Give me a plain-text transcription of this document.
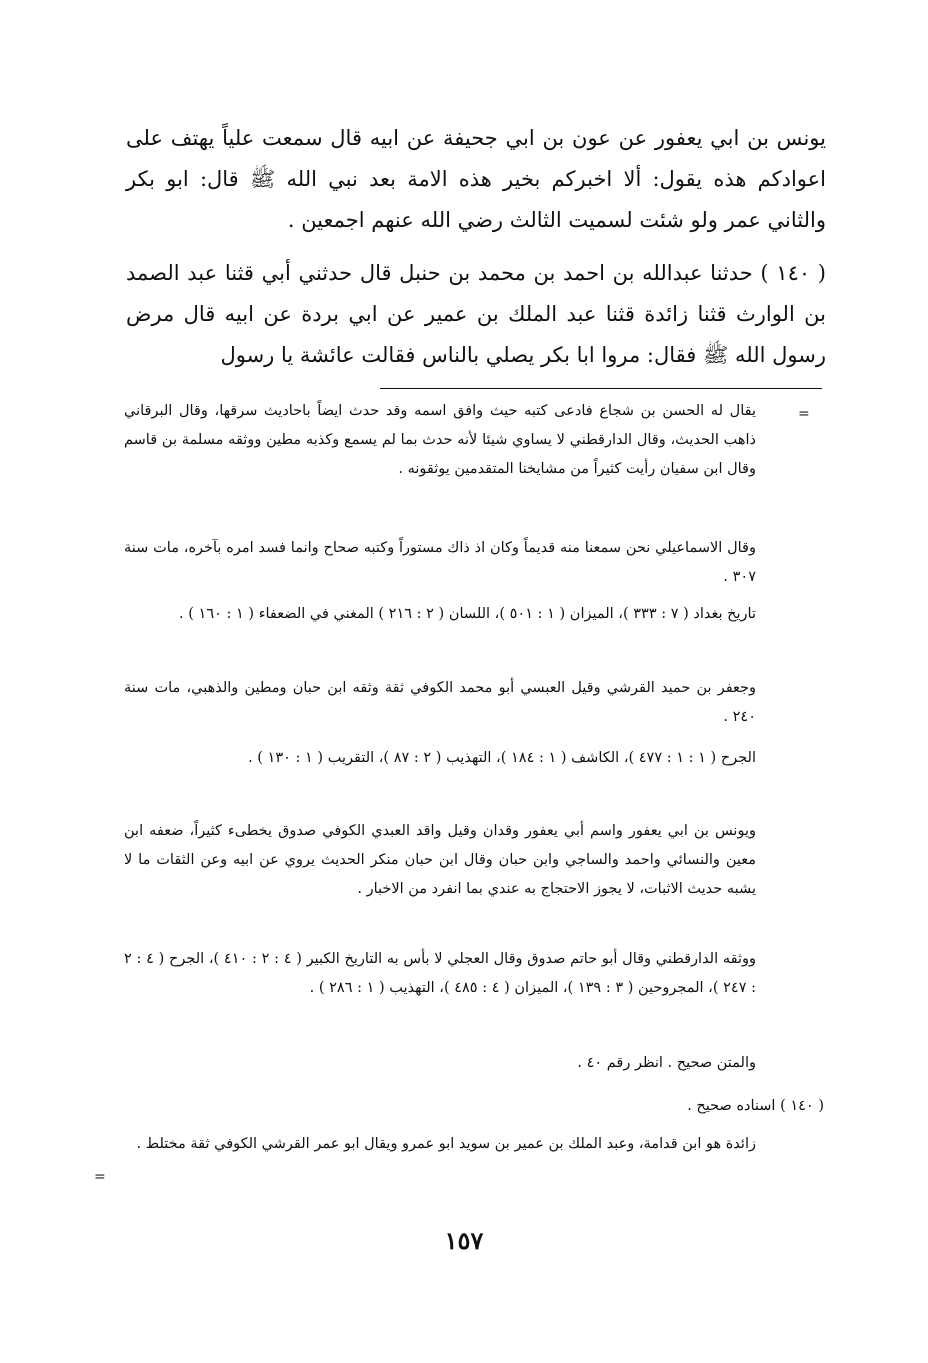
يونس بن ابي يعفور عن عون بن ابي جحيفة عن ابيه قال سمعت علياً يهتف على اعوادكم هذه يقول: ألا اخبركم بخير هذه الامة بعد نبي الله ﷺ قال: ابو بكر والثاني عمر ولو شئت لسميت الثالث رضي الله عنهم اجمعين .

( ١٤٠ ) حدثنا عبدالله بن احمد بن محمد بن حنبل قال حدثني أبي قثنا عبد الصمد بن الوارث قثنا زائدة قثنا عبد الملك بن عمير عن ابي بردة عن ابيه قال مرض رسول الله ﷺ فقال: مروا ابا بكر يصلي بالناس فقالت عائشة يا رسول

=

يقال له الحسن بن شجاع فادعى كتبه حيث وافق اسمه وقد حدث ايضاً باحاديث سرقها، وقال البرقاني ذاهب الحديث، وقال الدارقطني لا يساوي شيئا لأنه حدث بما لم يسمع وكذبه مطين ووثقه مسلمة بن قاسم وقال ابن سفيان رأيت كثيراً من مشايخنا المتقدمين يوثقونه .

وقال الاسماعيلي نحن سمعنا منه قديماً وكان اذ ذاك مستوراً وكتبه صحاح وانما فسد امره بآخره، مات سنة ٣٠٧ .

تاريخ بغداد ( ٧ : ٣٣٣ )، الميزان ( ١ : ٥٠١ )، اللسان ( ٢ : ٢١٦ ) المغني في الضعفاء ( ١ : ١٦٠ ) .

وجعفر بن حميد القرشي وقيل العبسي أبو محمد الكوفي ثقة وثقه ابن حبان ومطين والذهبي، مات سنة ٢٤٠ .

الجرح ( ١ : ١ : ٤٧٧ )، الكاشف ( ١ : ١٨٤ )، التهذيب ( ٢ : ٨٧ )، التقريب ( ١ : ١٣٠ ) .

ويونس بن ابي يعفور واسم أبي يعفور وقدان وقيل واقد العبدي الكوفي صدوق يخطىء كثيراً، ضعفه ابن معين والنسائي واحمد والساجي وابن حبان وقال ابن حبان منكر الحديث يروي عن ابيه وعن الثقات ما لا يشبه حديث الاثبات، لا يجوز الاحتجاج به عندي بما انفرد من الاخبار .

ووثقه الدارقطني وقال أبو حاتم صدوق وقال العجلي لا بأس به التاريخ الكبير ( ٤ : ٢ : ٤١٠ )، الجرح ( ٤ : ٢ : ٢٤٧ )، المجروحين ( ٣ : ١٣٩ )، الميزان ( ٤ : ٤٨٥ )، التهذيب ( ١ : ٢٨٦ ) .

والمتن صحيح . انظر رقم ٤٠ .

( ١٤٠ ) اسناده صحيح .

زائدة هو ابن قدامة، وعبد الملك بن عمير بن سويد ابو عمرو ويقال ابو عمر القرشي الكوفي ثقة مختلط .

=
١٥٧
